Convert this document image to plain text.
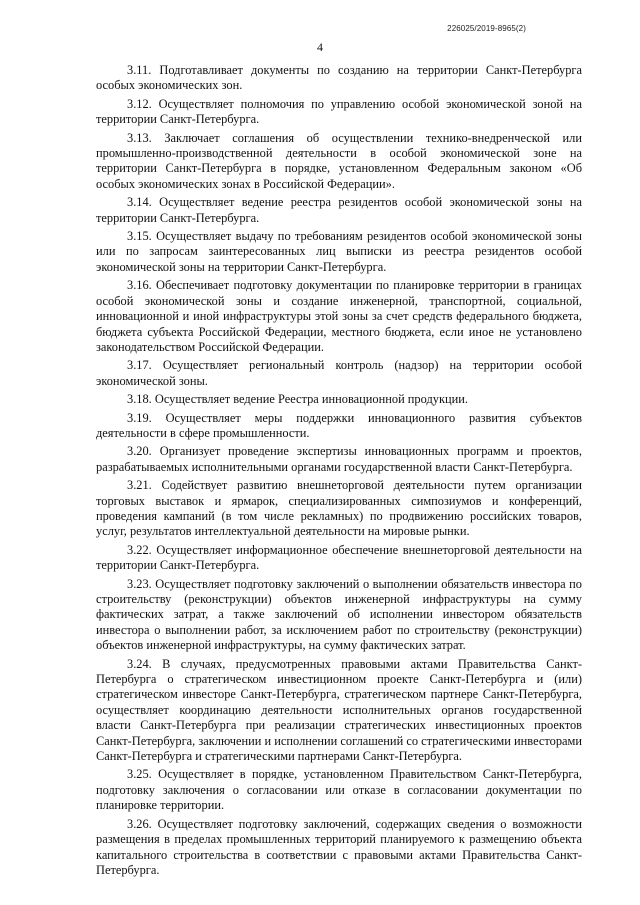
226025/2019-8965(2)
4

3.11. Подготавливает документы по созданию на территории Санкт-Петербурга особых экономических зон.

3.12. Осуществляет полномочия по управлению особой экономической зоной на территории Санкт-Петербурга.

3.13. Заключает соглашения об осуществлении технико-внедренческой или промышленно-производственной деятельности в особой экономической зоне на территории Санкт-Петербурга в порядке, установленном Федеральным законом «Об особых экономических зонах в Российской Федерации».

3.14. Осуществляет ведение реестра резидентов особой экономической зоны на территории Санкт-Петербурга.

3.15. Осуществляет выдачу по требованиям резидентов особой экономической зоны или по запросам заинтересованных лиц выписки из реестра резидентов особой экономической зоны на территории Санкт-Петербурга.

3.16. Обеспечивает подготовку документации по планировке территории в границах особой экономической зоны и создание инженерной, транспортной, социальной, инновационной и иной инфраструктуры этой зоны за счет средств федерального бюджета, бюджета субъекта Российской Федерации, местного бюджета, если иное не установлено законодательством Российской Федерации.

3.17. Осуществляет региональный контроль (надзор) на территории особой экономической зоны.

3.18. Осуществляет ведение Реестра инновационной продукции.

3.19. Осуществляет меры поддержки инновационного развития субъектов деятельности в сфере промышленности.

3.20. Организует проведение экспертизы инновационных программ и проектов, разрабатываемых исполнительными органами государственной власти Санкт-Петербурга.

3.21. Содействует развитию внешнеторговой деятельности путем организации торговых выставок и ярмарок, специализированных симпозиумов и конференций, проведения кампаний (в том числе рекламных) по продвижению российских товаров, услуг, результатов интеллектуальной деятельности на мировые рынки.

3.22. Осуществляет информационное обеспечение внешнеторговой деятельности на территории Санкт-Петербурга.

3.23. Осуществляет подготовку заключений о выполнении обязательств инвестора по строительству (реконструкции) объектов инженерной инфраструктуры на сумму фактических затрат, а также заключений об исполнении инвестором обязательств инвестора о выполнении работ, за исключением работ по строительству (реконструкции) объектов инженерной инфраструктуры, на сумму фактических затрат.

3.24. В случаях, предусмотренных правовыми актами Правительства Санкт-Петербурга о стратегическом инвестиционном проекте Санкт-Петербурга и (или) стратегическом инвесторе Санкт-Петербурга, стратегическом партнере Санкт-Петербурга, осуществляет координацию деятельности исполнительных органов государственной власти Санкт-Петербурга при реализации стратегических инвестиционных проектов Санкт-Петербурга, заключении и исполнении соглашений со стратегическими инвесторами Санкт-Петербурга и стратегическими партнерами Санкт-Петербурга.

3.25. Осуществляет в порядке, установленном Правительством Санкт-Петербурга, подготовку заключения о согласовании или отказе в согласовании документации по планировке территории.

3.26. Осуществляет подготовку заключений, содержащих сведения о возможности размещения в пределах промышленных территорий планируемого к размещению объекта капитального строительства в соответствии с правовыми актами Правительства Санкт-Петербурга.
